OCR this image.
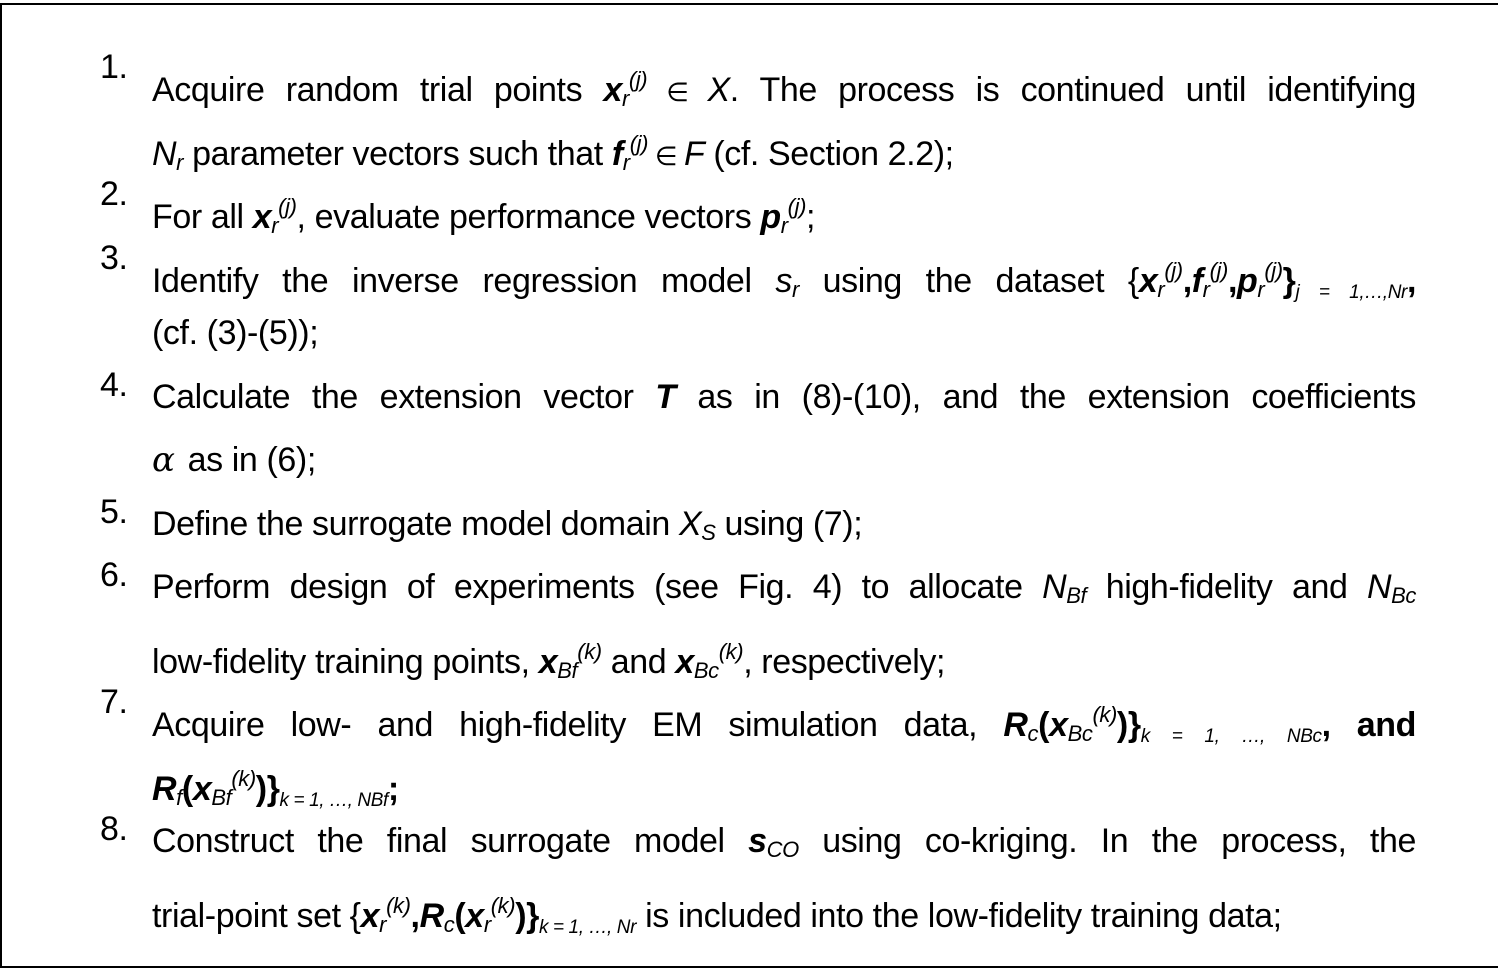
1.
Acquire random trial points $x_r^{(j)}$ ∈ X. The process is continued until identifying
$N_r$ parameter vectors such that $f_r^{(j)}$ ∈ F (cf. Section 2.2);
2.
For all $x_r^{(j)}$, evaluate performance vectors $p_r^{(j)}$;
3.
Identify the inverse regression model $s_r$ using the dataset $\{x_r^{(j)},f_r^{(j)},p_r^{(j)}\}_{j = 1,\dots,Nr}$,
(cf. (3)-(5));
4. Calculate the extension vector T as in (8)-(10), and the extension coefficients
α as in (6);
5. Define the surrogate model domain $X_S$ using (7);
6. Perform design of experiments (see Fig. 4) to allocate $N_{Bf}$ high-fidelity and $N_{Bc}$
low-fidelity training points, $x_{Bf}^{(k)}$ and $x_{Bc}^{(k)}$, respectively;
7.
Acquire low- and high-fidelity EM simulation data, $R_c(x_{Bc}^{(k)})\}_{k = 1, \dots, NBc}$, and
$R_f(x_{Bf}^{(k)})\}_{k = 1, \dots, NBf}$;
8. Construct the final surrogate model $s_{CO}$ using co-kriging. In the process, the
trial-point set $\{x_r^{(k)},R_c(x_r^{(k)})\}_{k = 1, \dots, Nr}$ is included into the low-fidelity training data;
